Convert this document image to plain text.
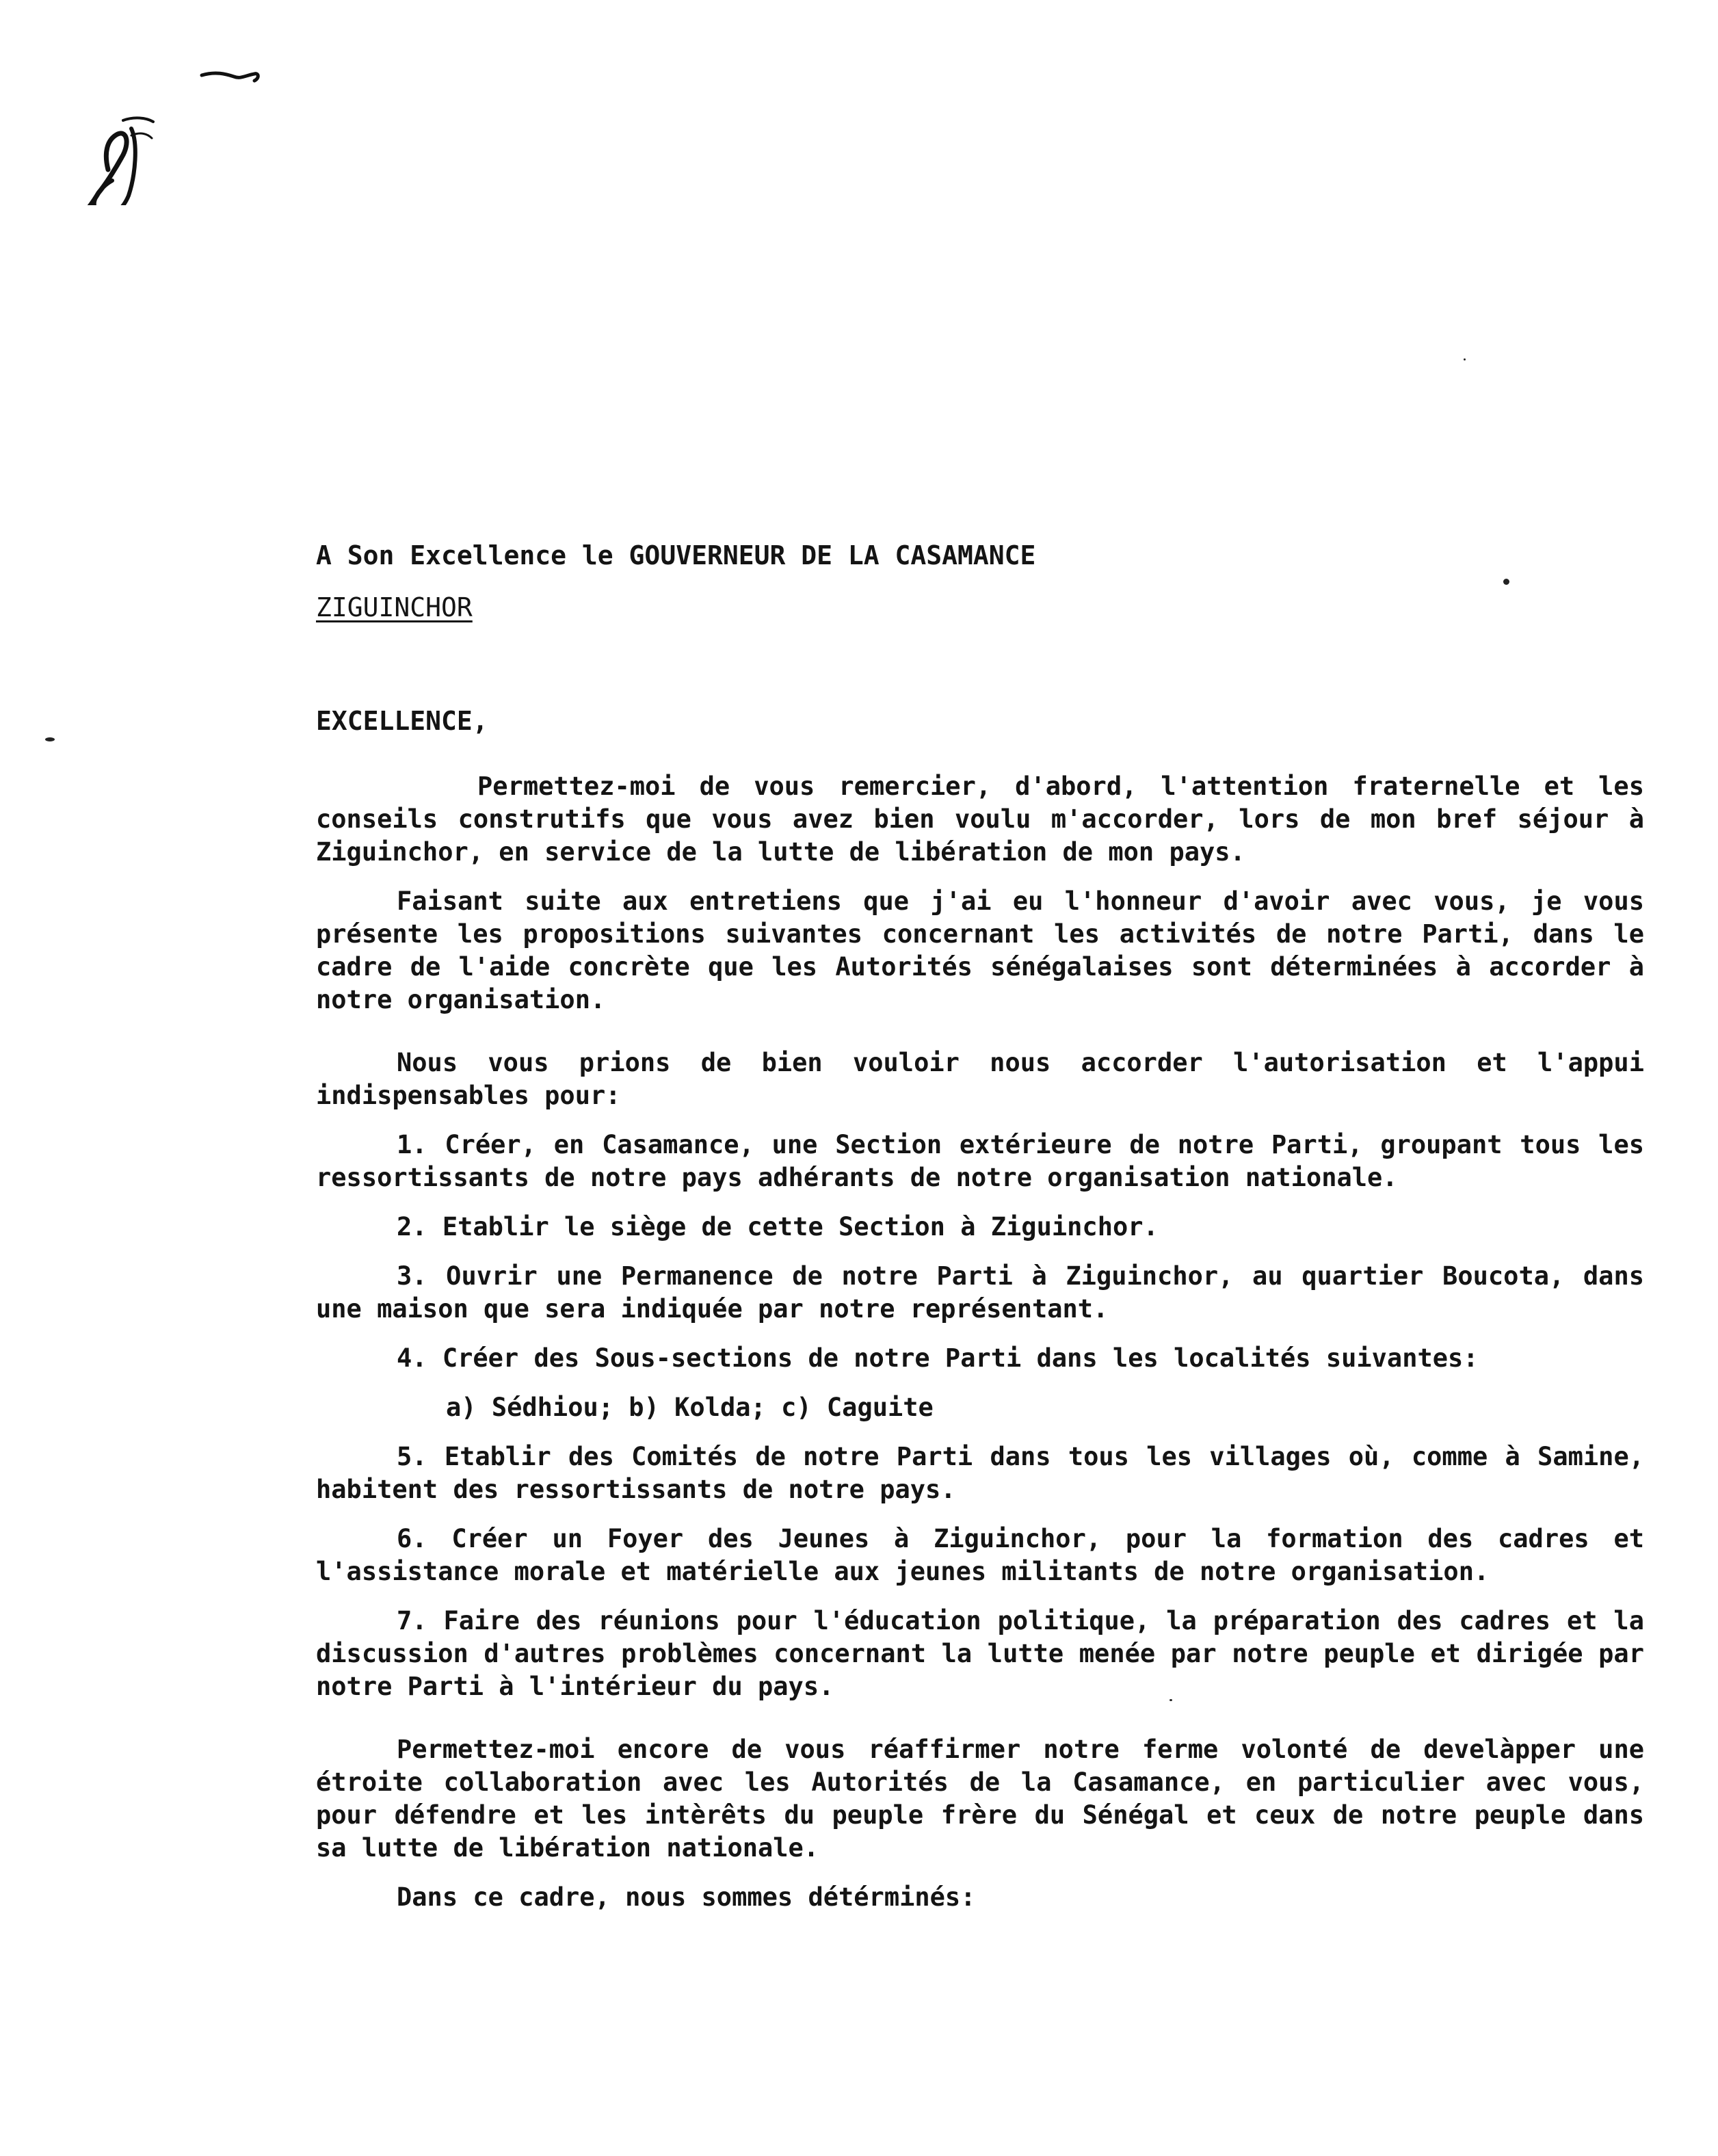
A Son Excellence le GOUVERNEUR DE LA CASAMANCE
ZIGUINCHOR
EXCELLENCE,

Permettez-moi de vous remercier, d'abord, l'attention fraternelle et les conseils construtifs que vous avez bien voulu m'accorder, lors de mon bref séjour à Ziguinchor, en service de la lutte de libération de mon pays.

Faisant suite aux entretiens que j'ai eu l'honneur d'avoir avec vous, je vous présente les propositions suivantes concernant les activités de notre Parti, dans le cadre de l'aide concrète que les Autorités sénégalaises sont déterminées à accorder à notre organisation.

Nous vous prions de bien vouloir nous accorder l'autorisation et l'appui indispensables pour:

1. Créer, en Casamance, une Section extérieure de notre Parti, groupant tous les ressortissants de notre pays adhérants de notre organisation nationale.

2. Etablir le siège de cette Section à Ziguinchor.

3. Ouvrir une Permanence de notre Parti à Ziguinchor, au quartier Boucota, dans une maison que sera indiquée par notre représentant.

4. Créer des Sous-sections de notre Parti dans les localités suivantes:

a) Sédhiou; b) Kolda; c) Caguite

5. Etablir des Comités de notre Parti dans tous les villages où, comme à Samine, habitent des ressortissants de notre pays.

6. Créer un Foyer des Jeunes à Ziguinchor, pour la formation des cadres et l'assistance morale et matérielle aux jeunes militants de notre organisation.

7. Faire des réunions pour l'éducation politique, la préparation des cadres et la discussion d'autres problèmes concernant la lutte menée par notre peuple et dirigée par notre Parti à l'intérieur du pays.

Permettez-moi encore de vous réaffirmer notre ferme volonté de develàpper une étroite collaboration avec les Autorités de la Casamance, en particulier avec vous, pour défendre et les intèrêts du peuple frère du Sénégal et ceux de notre peuple dans sa lutte de libération nationale.

Dans ce cadre, nous sommes détérminés:
